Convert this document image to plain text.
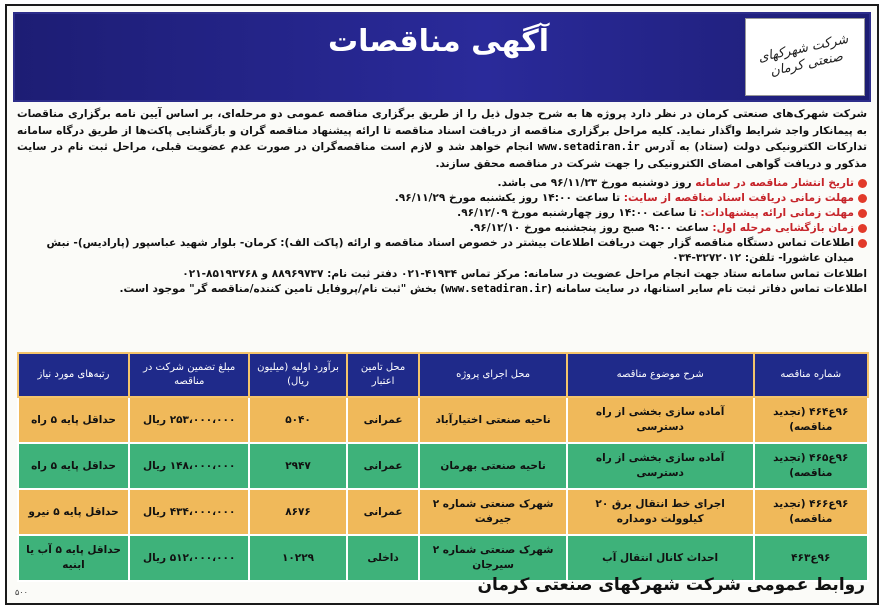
شرکت شهرکهای صنعتی کرمان
آگهی مناقصات
شرکت شهرک‌های صنعتی کرمان در نظر دارد پروژه ها به شرح جدول ذیل را از طریق برگزاری مناقصه عمومی دو مرحله‌ای، بر اساس آیین نامه برگزاری مناقصات به پیمانکار واجد شرایط واگذار نماید. کلیه مراحل برگزاری مناقصه از دریافت اسناد مناقصه تا ارائه پیشنهاد مناقصه گران و بازگشایی پاکت‌ها از طریق درگاه سامانه تدارکات الکترونیکی دولت (ستاد) به آدرس www.setadiran.ir انجام خواهد شد و لازم است مناقصه‌گران در صورت عدم عضویت قبلی، مراحل ثبت نام در سایت مذکور و دریافت گواهی امضای الکترونیکی را جهت شرکت در مناقصه محقق سازند.
تاریخ انتشار مناقصه در سامانه روز دوشنبه مورخ ۹۶/۱۱/۲۳ می باشد.
مهلت زمانی دریافت اسناد مناقصه از سایت: تا ساعت ۱۴:۰۰ روز یکشنبه مورخ ۹۶/۱۱/۲۹.
مهلت زمانی ارائه پیشنهادات: تا ساعت ۱۴:۰۰ روز چهارشنبه مورخ ۹۶/۱۲/۰۹.
زمان بازگشایی مرحله اول: ساعت ۹:۰۰ صبح روز پنجشنبه مورخ ۹۶/۱۲/۱۰.
اطلاعات تماس دستگاه مناقصه گزار جهت دریافت اطلاعات بیشتر در خصوص اسناد مناقصه و ارائه (پاکت الف): کرمان- بلوار شهید عباسپور (پارادیس)- نبش میدان عاشورا- تلفن: ۳۲۷۲۰۱۲-۰۳۴
اطلاعات تماس سامانه ستاد جهت انجام مراحل عضویت در سامانه: مرکز تماس ۴۱۹۳۴-۰۲۱ دفتر ثبت نام: ۸۸۹۶۹۷۳۷ و ۸۵۱۹۳۷۶۸-۰۲۱
اطلاعات تماس دفاتر ثبت نام سایر استانها، در سایت سامانه (www.setadiran.ir) بخش "ثبت نام/پروفایل تامین کننده/مناقصه گر" موجود است.
شماره مناقصه	شرح موضوع مناقصه	محل اجرای پروژه	محل تامین اعتبار	برآورد اولیه (میلیون ریال)	مبلغ تضمین شرکت در مناقصه	رتبه‌های مورد نیاز
۹۶ع۴۶۴ (تجدید مناقصه)	آماده سازی بخشی از راه دسترسی	ناحیه صنعتی اختیارآباد	عمرانی	۵۰۴۰	۲۵۳،۰۰۰،۰۰۰ ریال	حداقل پایه ۵ راه
۹۶ع۴۶۵ (تجدید مناقصه)	آماده سازی بخشی از راه دسترسی	ناحیه صنعتی بهرمان	عمرانی	۲۹۴۷	۱۴۸،۰۰۰،۰۰۰ ریال	حداقل پایه ۵ راه
۹۶ع۴۶۶ (تجدید مناقصه)	اجرای خط انتقال برق ۲۰ کیلوولت دومداره	شهرک صنعتی شماره ۲ جیرفت	عمرانی	۸۶۷۶	۴۳۴،۰۰۰،۰۰۰ ریال	حداقل پایه ۵ نیرو
۹۶ع۴۶۳	احداث کانال انتقال آب	شهرک صنعتی شماره ۲ سیرجان	داخلی	۱۰۲۲۹	۵۱۲،۰۰۰،۰۰۰ ریال	حداقل پایه ۵ آب یا ابنیه
روابط عمومی شرکت شهرکهای صنعتی کرمان
۵۰۰
